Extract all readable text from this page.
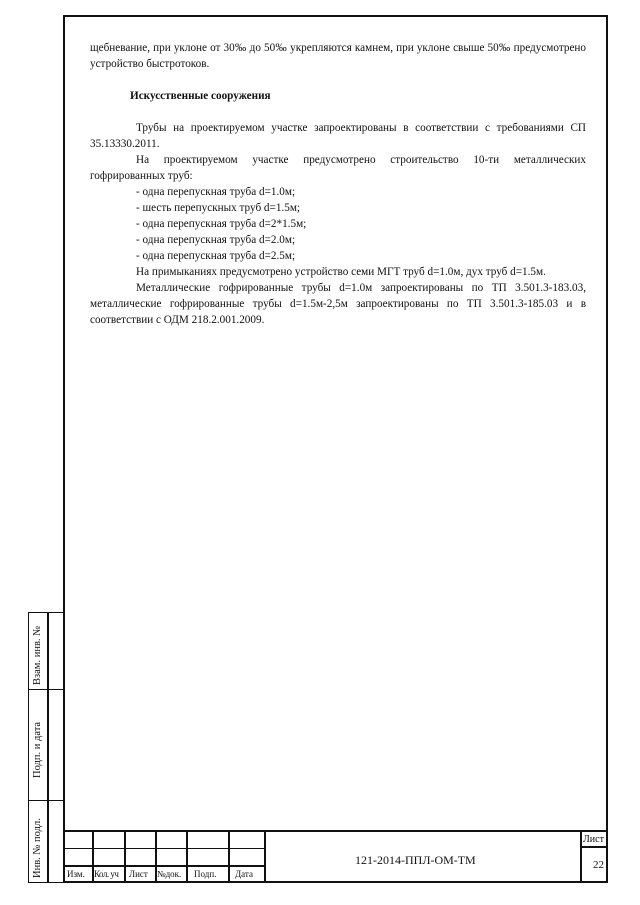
щебневание, при уклоне от 30‰ до 50‰ укрепляются камнем, при уклоне свыше 50‰ предусмотрено устройство быстротоков.

Искусственные сооружения

Трубы на проектируемом участке запроектированы в соответствии с требованиями СП 35.13330.2011.

На проектируемом участке предусмотрено строительство 10-ти металлических гофрированных труб:

- одна перепускная труба d=1.0м;

- шесть перепускных труб d=1.5м;

- одна перепускная труба d=2*1.5м;

- одна перепускная труба d=2.0м;

- одна перепускная труба d=2.5м;

На примыканиях предусмотрено устройство семи МГТ труб d=1.0м, дух труб d=1.5м.

Металлические гофрированные трубы d=1.0м запроектированы по ТП 3.501.3-183.03, металлические гофрированные трубы d=1.5м-2,5м запроектированы по ТП 3.501.3-185.03 и в соответствии с ОДМ 218.2.001.2009.

Взам. инв. №
Подп. и дата
Инв. № подл.	Изм. Кол. уч Лист №док. Подп. Дата
121-2014-ППЛ-ОМ-ТМ
Лист
22
